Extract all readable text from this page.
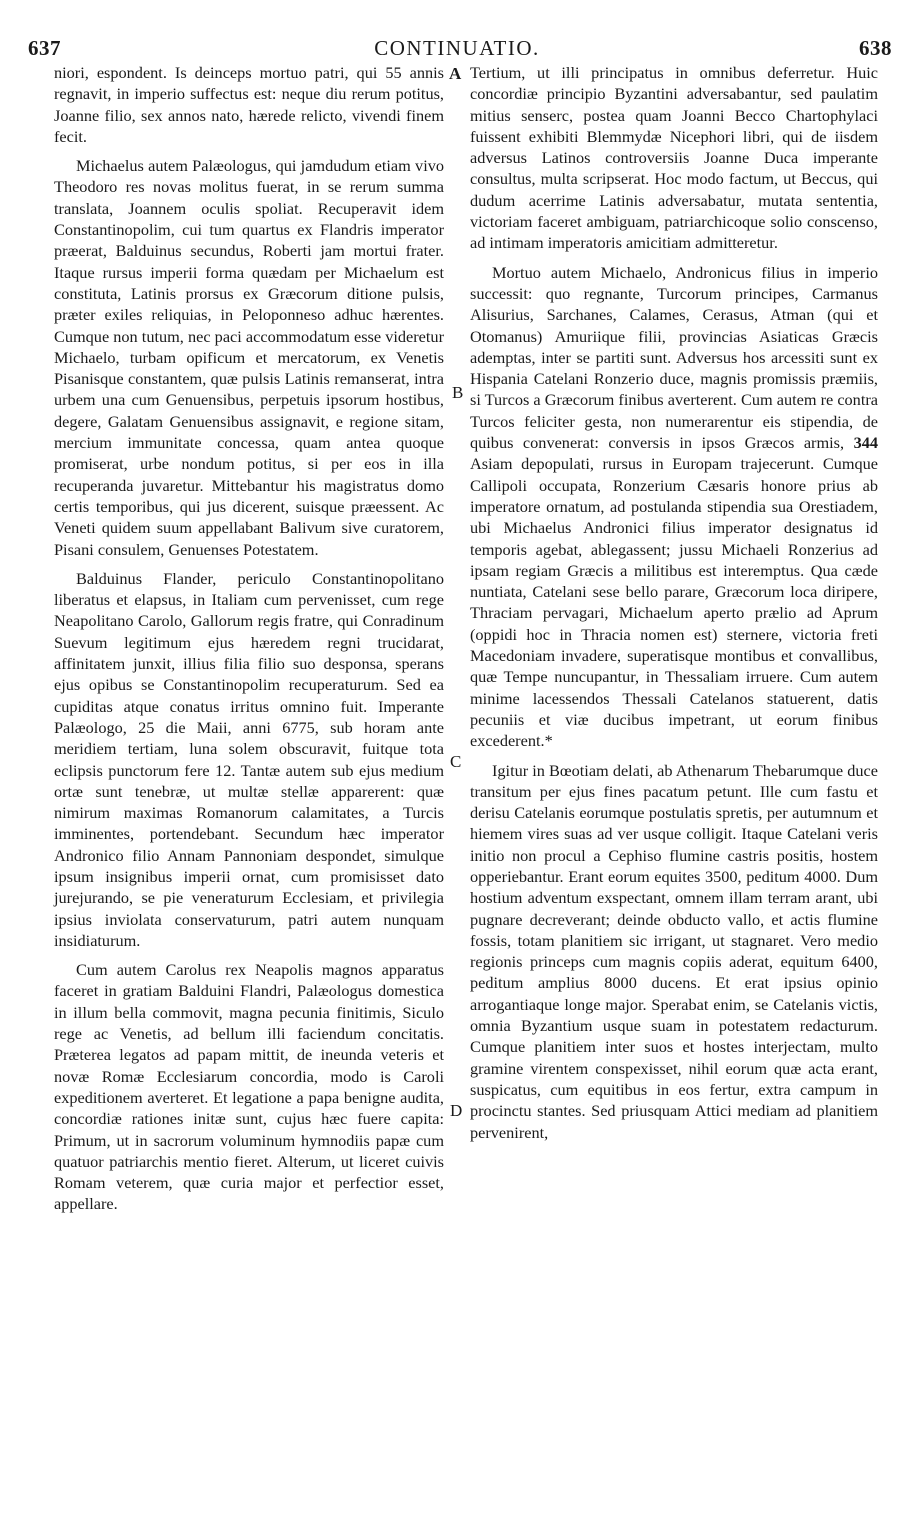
CONTINUATIO.
637	638

niori, espondent. Is deinceps mortuo patri, qui 55 annis regnavit, in imperio suffectus est: neque diu rerum potitus, Joanne filio, sex annos nato, hærede relicto, vivendi finem fecit.

Michaelus autem Palæologus, qui jamdudum etiam vivo Theodoro res novas molitus fuerat, in se rerum summa translata, Joannem oculis spoliat. Recuperavit idem Constantinopolim, cui tum quartus ex Flandris imperator præerat, Balduinus secundus, Roberti jam mortui frater. Itaque rursus imperii forma quædam per Michaelum est constituta, Latinis prorsus ex Græcorum ditione pulsis, præter exiles reliquias, in Peloponneso adhuc hærentes. Cumque non tutum, nec paci accommodatum esse videretur Michaelo, turbam opificum et mercatorum, ex Venetis Pisanisque constantem, quæ pulsis Latinis remanserat, intra urbem una cum Genuensibus, perpetuis ipsorum hostibus, degere, Galatam Genuensibus assignavit, e regione sitam, mercium immunitate concessa, quam antea quoque promiserat, urbe nondum potitus, si per eos in illa recuperanda juvaretur. Mittebantur his magistratus domo certis temporibus, qui jus dicerent, suisque præessent. Ac Veneti quidem suum appellabant Balivum sive curatorem, Pisani consulem, Genuenses Potestatem.

Balduinus Flander, periculo Constantinopolitano liberatus et elapsus, in Italiam cum pervenisset, cum rege Neapolitano Carolo, Gallorum regis fratre, qui Conradinum Suevum legitimum ejus hæredem regni trucidarat, affinitatem junxit, illius filia filio suo desponsa, sperans ejus opibus se Constantinopolim recuperaturum. Sed ea cupiditas atque conatus irritus omnino fuit. Imperante Palæologo, 25 die Maii, anni 6775, sub horam ante meridiem tertiam, luna solem obscuravit, fuitque tota eclipsis punctorum fere 12. Tantæ autem sub ejus medium ortæ sunt tenebræ, ut multæ stellæ apparerent: quæ nimirum maximas Romanorum calamitates, a Turcis imminentes, portendebant. Secundum hæc imperator Andronico filio Annam Pannoniam despondet, simulque ipsum insignibus imperii ornat, cum promisisset dato jurejurando, se pie veneraturum Ecclesiam, et privilegia ipsius inviolata conservaturum, patri autem nunquam insidiaturum.

Cum autem Carolus rex Neapolis magnos apparatus faceret in gratiam Balduini Flandri, Palæologus domestica in illum bella commovit, magna pecunia finitimis, Siculo rege ac Venetis, ad bellum illi faciendum concitatis. Præterea legatos ad papam mittit, de ineunda veteris et novæ Romæ Ecclesiarum concordia, modo is Caroli expeditionem averteret. Et legatione a papa benigne audita, concordiæ rationes initæ sunt, cujus hæc fuere capita: Primum, ut in sacrorum voluminum hymnodiis papæ cum quatuor patriarchis mentio fieret. Alterum, ut liceret cuivis Romam veterem, quæ curia major et perfectior esset, appellare.

A
B
C
D

Tertium, ut illi principatus in omnibus deferretur. Huic concordiæ principio Byzantini adversabantur, sed paulatim mitius senserc, postea quam Joanni Becco Chartophylaci fuissent exhibiti Blemmydæ Nicephori libri, qui de iisdem adversus Latinos controversiis Joanne Duca imperante consultus, multa scripserat. Hoc modo factum, ut Beccus, qui dudum acerrime Latinis adversabatur, mutata sententia, victoriam faceret ambiguam, patriarchicoque solio conscenso, ad intimam imperatoris amicitiam admitteretur.

Mortuo autem Michaelo, Andronicus filius in imperio successit: quo regnante, Turcorum principes, Carmanus Alisurius, Sarchanes, Calames, Cerasus, Atman (qui et Otomanus) Amuriique filii, provincias Asiaticas Græcis ademptas, inter se partiti sunt. Adversus hos arcessiti sunt ex Hispania Catelani Ronzerio duce, magnis promissis præmiis, si Turcos a Græcorum finibus averterent. Cum autem re contra Turcos feliciter gesta, non numerarentur eis stipendia, de quibus convenerat: conversis in ipsos Græcos armis, 344 Asiam depopulati, rursus in Europam trajecerunt. Cumque Callipoli occupata, Ronzerium Cæsaris honore prius ab imperatore ornatum, ad postulanda stipendia sua Orestiadem, ubi Michaelus Andronici filius imperator designatus id temporis agebat, ablegassent; jussu Michaeli Ronzerius ad ipsam regiam Græcis a militibus est interemptus. Qua cæde nuntiata, Catelani sese bello parare, Græcorum loca diripere, Thraciam pervagari, Michaelum aperto prælio ad Aprum (oppidi hoc in Thracia nomen est) sternere, victoria freti Macedoniam invadere, superatisque montibus et convallibus, quæ Tempe nuncupantur, in Thessaliam irruere. Cum autem minime lacessendos Thessali Catelanos statuerent, datis pecuniis et viæ ducibus impetrant, ut eorum finibus excederent.*

Igitur in Bœotiam delati, ab Athenarum Thebarumque duce transitum per ejus fines pacatum petunt. Ille cum fastu et derisu Catelanis eorumque postulatis spretis, per autumnum et hiemem vires suas ad ver usque colligit. Itaque Catelani veris initio non procul a Cephiso flumine castris positis, hostem opperiebantur. Erant eorum equites 3500, peditum 4000. Dum hostium adventum exspectant, omnem illam terram arant, ubi pugnare decreverant; deinde obducto vallo, et actis flumine fossis, totam planitiem sic irrigant, ut stagnaret. Vero medio regionis princeps cum magnis copiis aderat, equitum 6400, peditum amplius 8000 ducens. Et erat ipsius opinio arrogantiaque longe major. Sperabat enim, se Catelanis victis, omnia Byzantium usque suam in potestatem redacturum. Cumque planitiem inter suos et hostes interjectam, multo gramine virentem conspexisset, nihil eorum quæ acta erant, suspicatus, cum equitibus in eos fertur, extra campum in procinctu stantes. Sed priusquam Attici mediam ad planitiem pervenirent,
